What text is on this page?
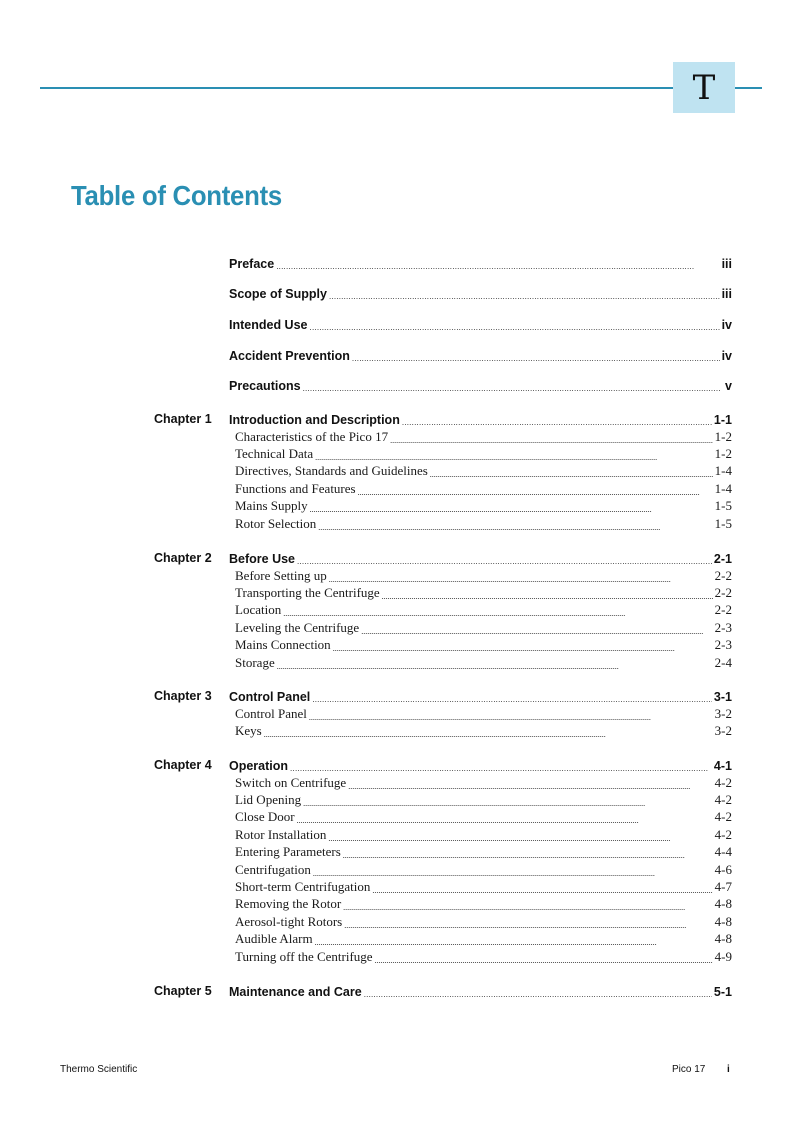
T
Table of Contents
Preface . . .	iii
Scope of Supply . . .	iii
Intended Use . . .	iv
Accident Prevention . . .	iv
Precautions . . .	v
Chapter 1 Introduction and Description . . .	1-1
Characteristics of the Pico 17 . . .	1-2
Technical Data . . .	1-2
Directives, Standards and Guidelines . . .	1-4
Functions and Features . . .	1-4
Mains Supply . . .	1-5
Rotor Selection . . .	1-5
Chapter 2 Before Use . . .	2-1
Before Setting up . . .	2-2
Transporting the Centrifuge . . .	2-2
Location . . .	2-2
Leveling the Centrifuge . . .	2-3
Mains Connection . . .	2-3
Storage . . .	2-4
Chapter 3 Control Panel . . .	3-1
Control Panel . . .	3-2
Keys . . .	3-2
Chapter 4 Operation . . .	4-1
Switch on Centrifuge . . .	4-2
Lid Opening . . .	4-2
Close Door . . .	4-2
Rotor Installation . . .	4-2
Entering Parameters . . .	4-4
Centrifugation . . .	4-6
Short-term Centrifugation . . .	4-7
Removing the Rotor . . .	4-8
Aerosol-tight Rotors . . .	4-8
Audible Alarm . . .	4-8
Turning off the Centrifuge . . .	4-9
Chapter 5 Maintenance and Care . . .	5-1
Thermo Scientific	Pico 17 i
